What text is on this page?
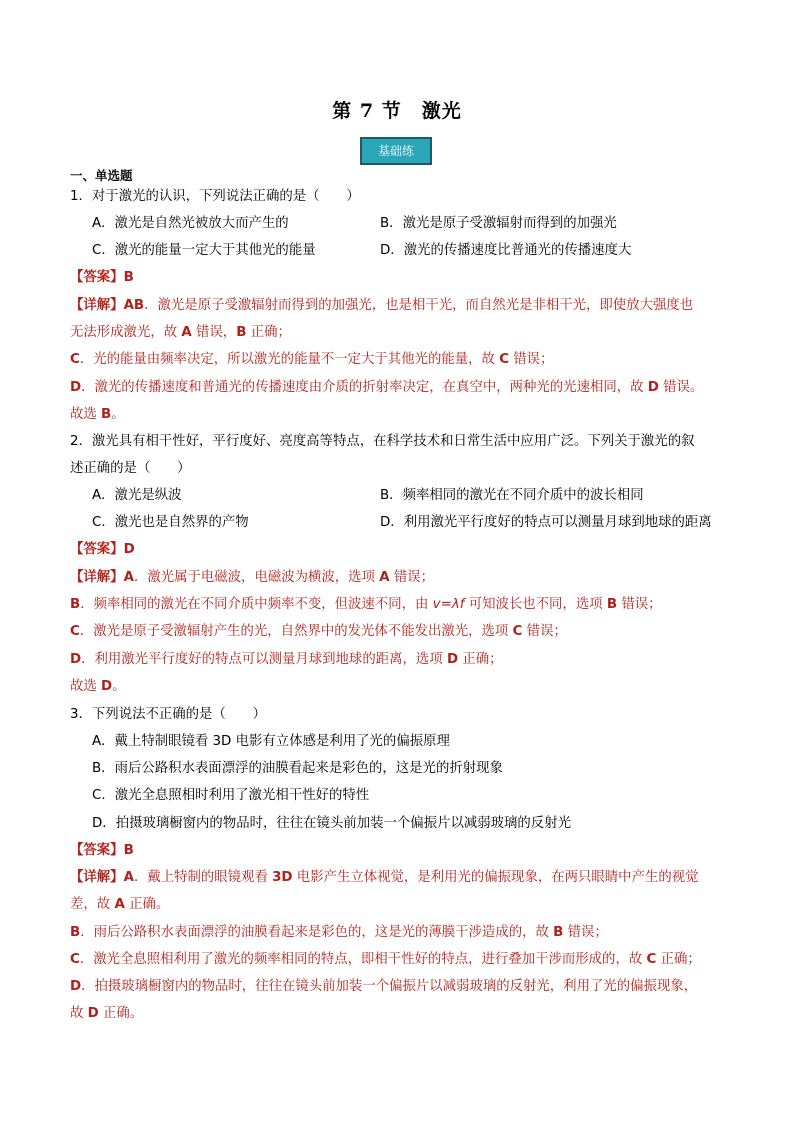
第 7 节　激光
基础练
一、单选题
1．对于激光的认识，下列说法正确的是（　　）
A．激光是自然光被放大而产生的	B．激光是原子受激辐射而得到的加强光
C．激光的能量一定大于其他光的能量	D．激光的传播速度比普通光的传播速度大
【答案】B
【详解】AB．激光是原子受激辐射而得到的加强光，也是相干光，而自然光是非相干光，即使放大强度也
无法形成激光，故 A 错误，B 正确；
C．光的能量由频率决定，所以激光的能量不一定大于其他光的能量，故 C 错误；
D．激光的传播速度和普通光的传播速度由介质的折射率决定，在真空中，两种光的光速相同，故 D 错误。
故选 B。
2．激光具有相干性好，平行度好、亮度高等特点，在科学技术和日常生活中应用广泛。下列关于激光的叙
述正确的是（　　）
A．激光是纵波	B．频率相同的激光在不同介质中的波长相同
C．激光也是自然界的产物	D．利用激光平行度好的特点可以测量月球到地球的距离
【答案】D
【详解】A．激光属于电磁波，电磁波为横波，选项 A 错误；
B．频率相同的激光在不同介质中频率不变，但波速不同，由 v=λf 可知波长也不同，选项 B 错误；
C．激光是原子受激辐射产生的光，自然界中的发光体不能发出激光，选项 C 错误；
D．利用激光平行度好的特点可以测量月球到地球的距离，选项 D 正确；
故选 D。
3．下列说法不正确的是（　　）
A．戴上特制眼镜看 3D 电影有立体感是利用了光的偏振原理
B．雨后公路积水表面漂浮的油膜看起来是彩色的，这是光的折射现象
C．激光全息照相时利用了激光相干性好的特性
D．拍摄玻璃橱窗内的物品时，往往在镜头前加装一个偏振片以减弱玻璃的反射光
【答案】B
【详解】A．戴上特制的眼镜观看 3D 电影产生立体视觉，是利用光的偏振现象，在两只眼睛中产生的视觉
差，故 A 正确。
B．雨后公路积水表面漂浮的油膜看起来是彩色的，这是光的薄膜干涉造成的，故 B 错误；
C．激光全息照相利用了激光的频率相同的特点，即相干性好的特点，进行叠加干涉而形成的，故 C 正确；
D．拍摄玻璃橱窗内的物品时，往往在镜头前加装一个偏振片以减弱玻璃的反射光，利用了光的偏振现象，
故 D 正确。
